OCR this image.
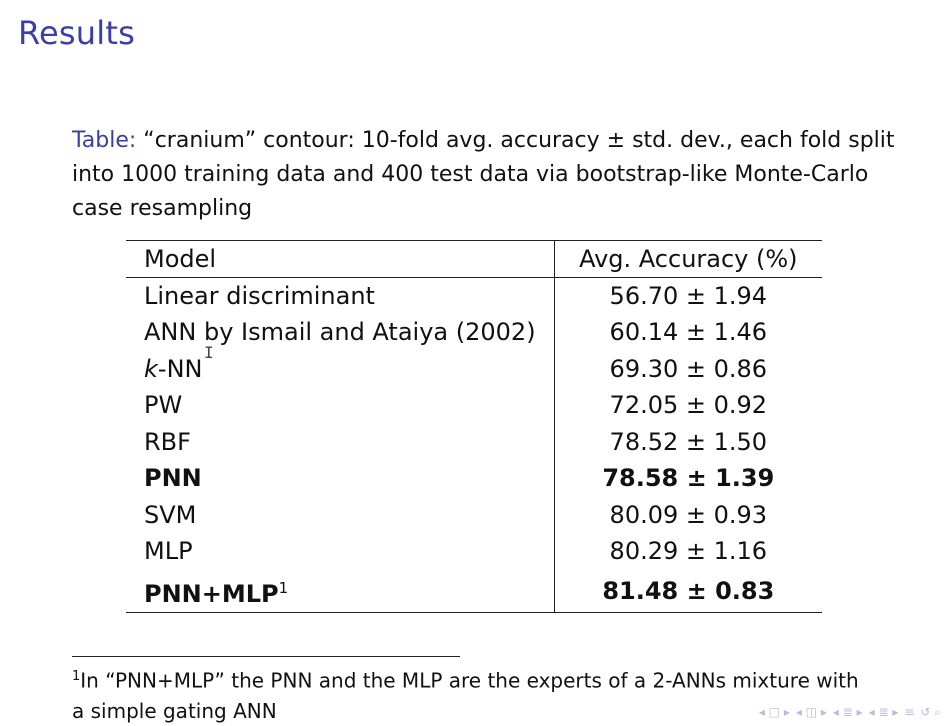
Results
Table: “cranium” contour: 10-fold avg. accuracy ± std. dev., each fold split into 1000 training data and 400 test data via bootstrap-like Monte-Carlo case resampling
Model	Avg. Accuracy (%)
Linear discriminant	56.70 ± 1.94
ANN by Ismail and Ataiya (2002)	60.14 ± 1.46
k-NN	69.30 ± 0.86
PW	72.05 ± 0.92
RBF	78.52 ± 1.50
PNN	78.58 ± 1.39
SVM	80.09 ± 0.93
MLP	80.29 ± 1.16
$PNN+MLP^1$	81.48 ± 0.83
I
$^1$In “PNN+MLP” the PNN and the MLP are the experts of a 2-ANNs mixture with a simple gating ANN	◂ □ ▸ ◂ ◫ ▸ ◂ ≣ ▸ ◂ ≣ ▸ ≡ ↺ ⌕
